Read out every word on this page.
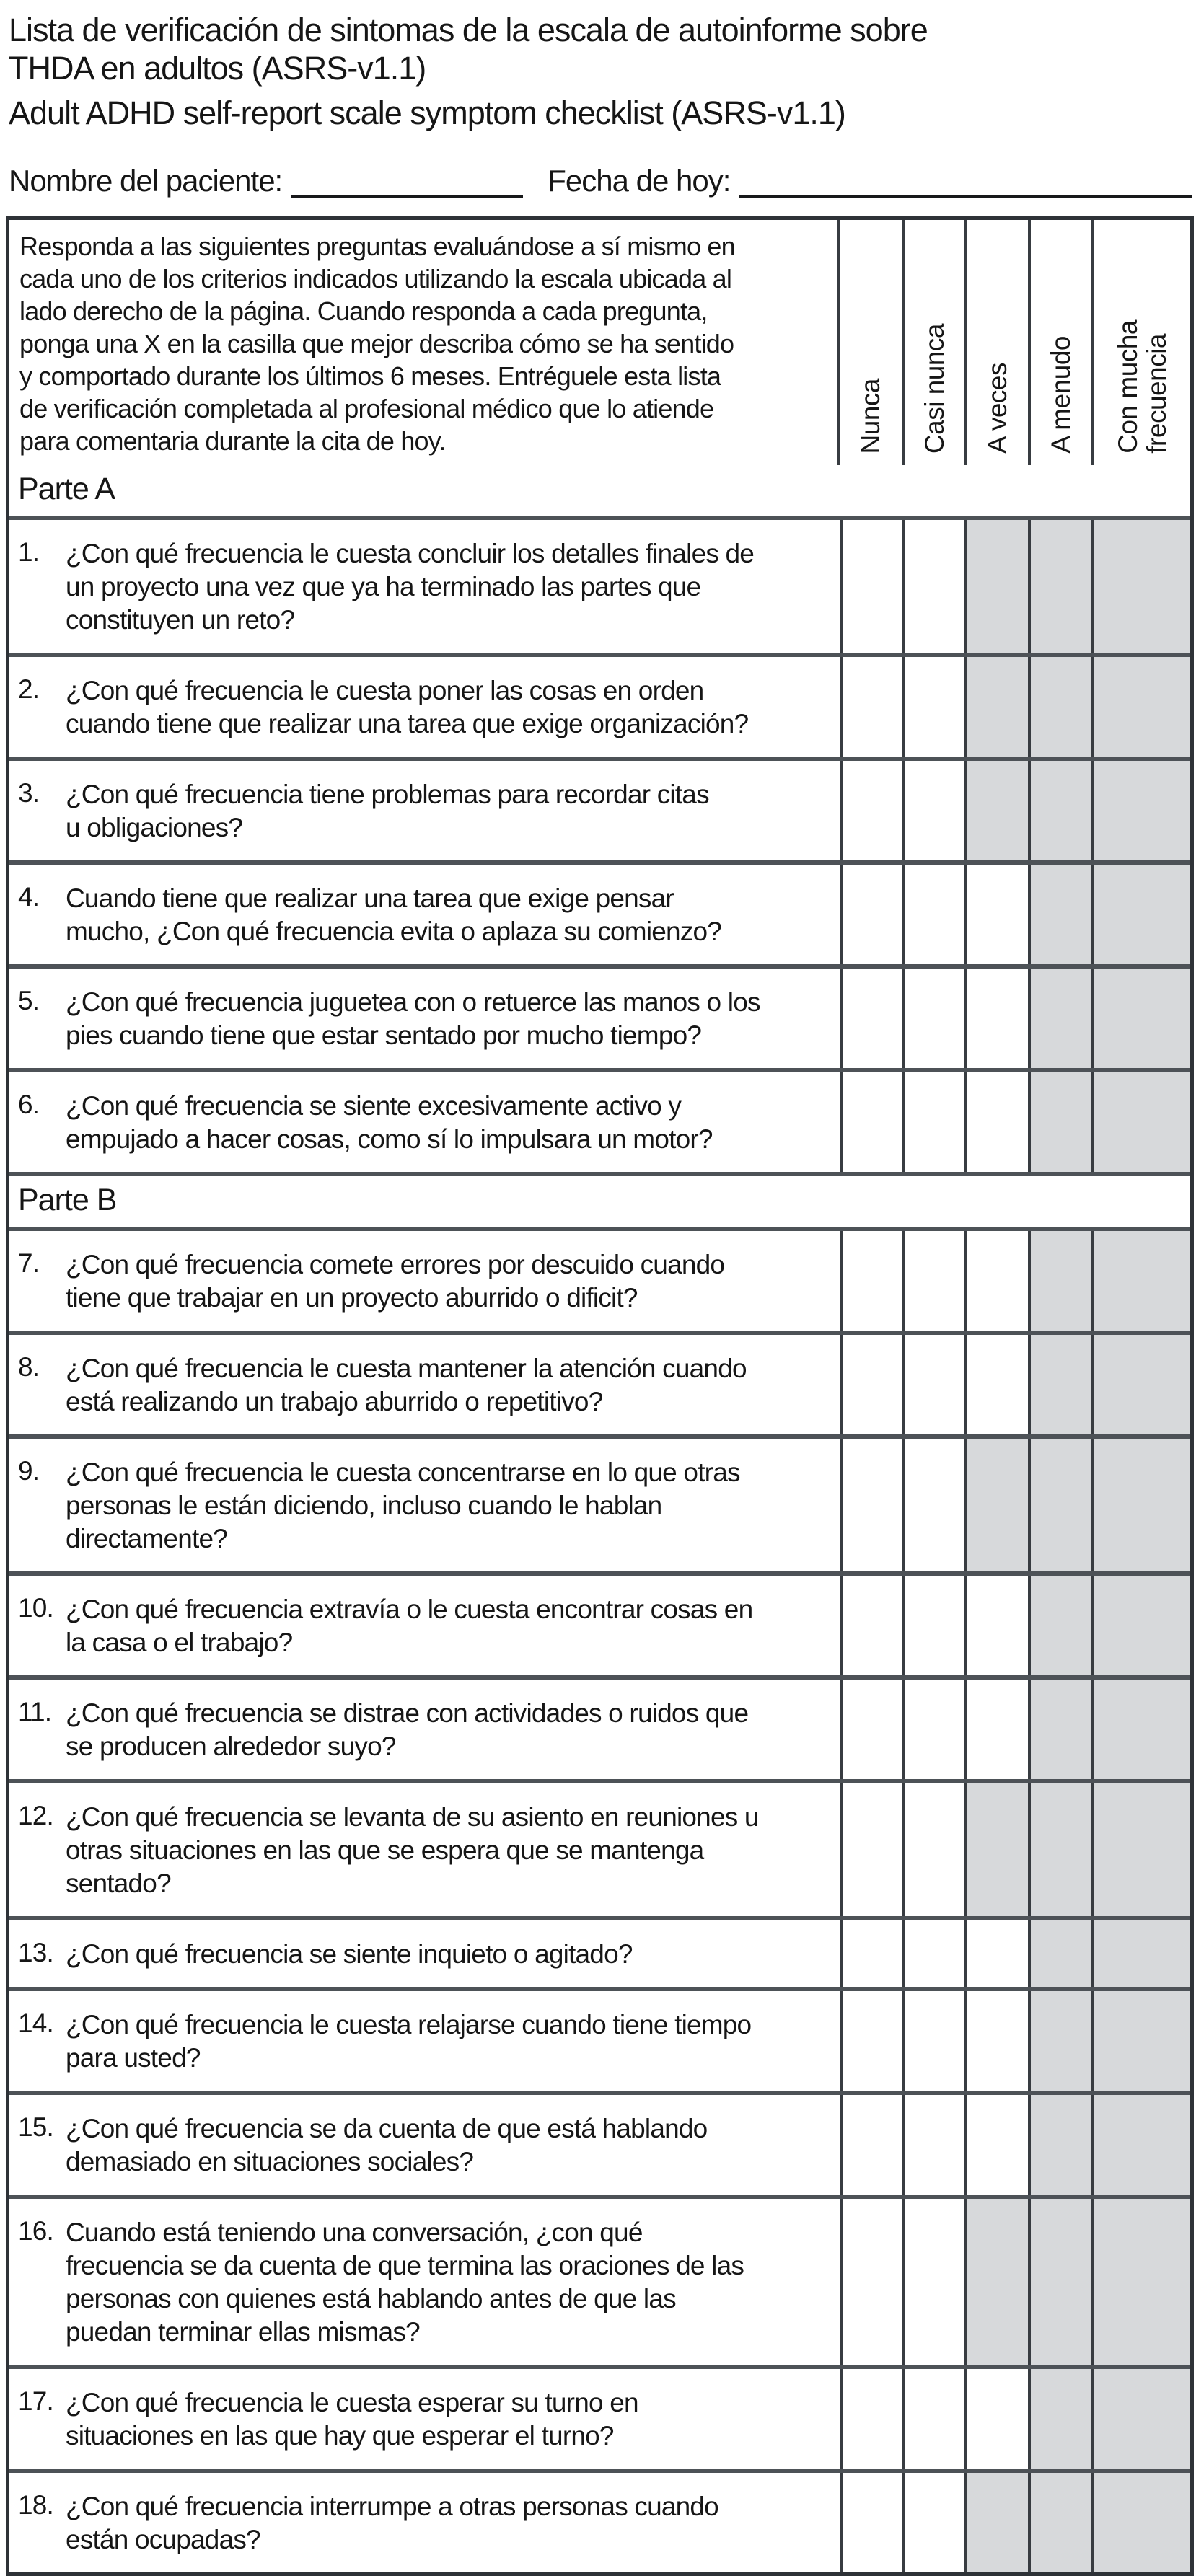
Lista de verificación de sintomas de la escala de autoinforme sobre
THDA en adultos (ASRS-v1.1)
Adult ADHD self-report scale symptom checklist (ASRS-v1.1)
Nombre del paciente:	Fecha de hoy:
Responda a las siguientes preguntas evaluándose a sí mismo en
cada uno de los criterios indicados utilizando la escala ubicada al
lado derecho de la página. Cuando responda a cada pregunta,
ponga una X en la casilla que mejor describa cómo se ha sentido
y comportado durante los últimos 6 meses. Entréguele esta lista
de verificación completada al profesional médico que lo atiende
para comentaria durante la cita de hoy.	Nunca Casi nunca A veces A menudo Con mucha
frecuencia
Parte A
1. ¿Con qué frecuencia le cuesta concluir los detalles finales de
un proyecto una vez que ya ha terminado las partes que
constituyen un reto?
2. ¿Con qué frecuencia le cuesta poner las cosas en orden
cuando tiene que realizar una tarea que exige organización?
3. ¿Con qué frecuencia tiene problemas para recordar citas
u obligaciones?
4. Cuando tiene que realizar una tarea que exige pensar
mucho, ¿Con qué frecuencia evita o aplaza su comienzo?
5. ¿Con qué frecuencia juguetea con o retuerce las manos o los
pies cuando tiene que estar sentado por mucho tiempo?
6. ¿Con qué frecuencia se siente excesivamente activo y
empujado a hacer cosas, como sí lo impulsara un motor?
Parte B
7. ¿Con qué frecuencia comete errores por descuido cuando
tiene que trabajar en un proyecto aburrido o dificit?
8. ¿Con qué frecuencia le cuesta mantener la atención cuando
está realizando un trabajo aburrido o repetitivo?
9. ¿Con qué frecuencia le cuesta concentrarse en lo que otras
personas le están diciendo, incluso cuando le hablan
directamente?
10. ¿Con qué frecuencia extravía o le cuesta encontrar cosas en
la casa o el trabajo?
11. ¿Con qué frecuencia se distrae con actividades o ruidos que
se producen alrededor suyo?
12. ¿Con qué frecuencia se levanta de su asiento en reuniones u
otras situaciones en las que se espera que se mantenga
sentado?
13. ¿Con qué frecuencia se siente inquieto o agitado?
14. ¿Con qué frecuencia le cuesta relajarse cuando tiene tiempo
para usted?
15. ¿Con qué frecuencia se da cuenta de que está hablando
demasiado en situaciones sociales?
16. Cuando está teniendo una conversación, ¿con qué
frecuencia se da cuenta de que termina las oraciones de las
personas con quienes está hablando antes de que las
puedan terminar ellas mismas?
17. ¿Con qué frecuencia le cuesta esperar su turno en
situaciones en las que hay que esperar el turno?
18. ¿Con qué frecuencia interrumpe a otras personas cuando
están ocupadas?
